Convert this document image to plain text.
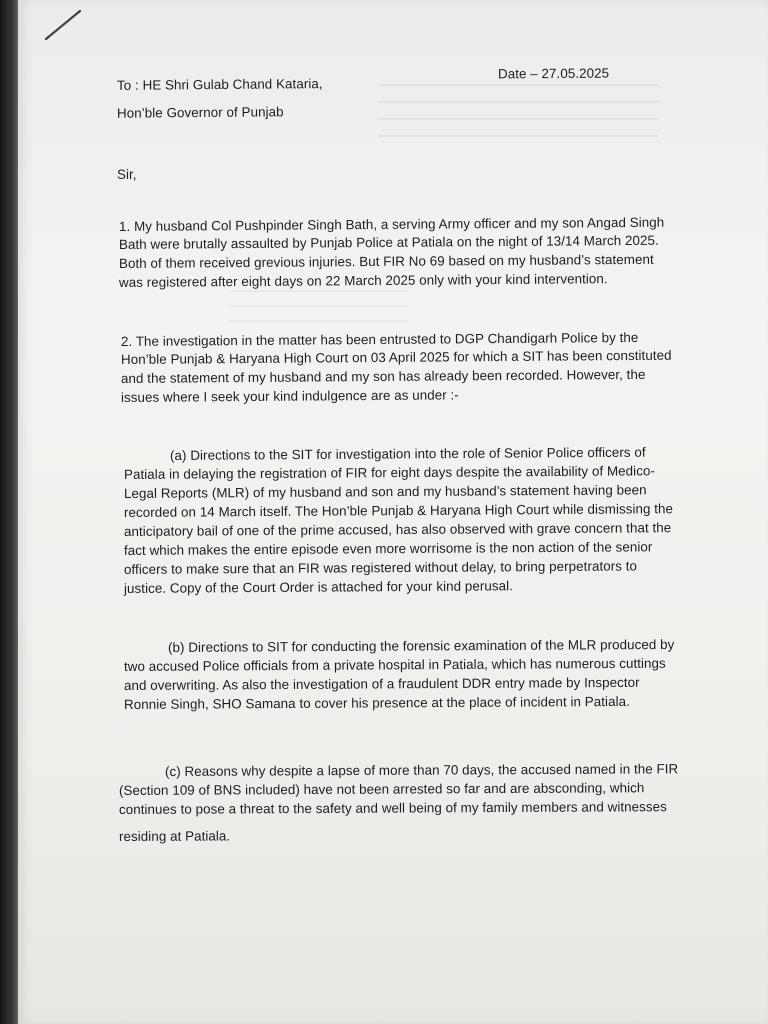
Date – 27.05.2025
To : HE Shri Gulab Chand Kataria,
Hon’ble Governor of Punjab
Sir,
1. My husband Col Pushpinder Singh Bath, a serving Army officer and my son Angad Singh
Bath were brutally assaulted by Punjab Police at Patiala on the night of 13/14 March 2025.
Both of them received grevious injuries. But FIR No 69 based on my husband’s statement
was registered after eight days on 22 March 2025 only with your kind intervention.
2. The investigation in the matter has been entrusted to DGP Chandigarh Police by the
Hon’ble Punjab & Haryana High Court on 03 April 2025 for which a SIT has been constituted
and the statement of my husband and my son has already been recorded. However, the
issues where I seek your kind indulgence are as under :-
(a) Directions to the SIT for investigation into the role of Senior Police officers of
Patiala in delaying the registration of FIR for eight days despite the availability of Medico-
Legal Reports (MLR) of my husband and son and my husband’s statement having been
recorded on 14 March itself. The Hon’ble Punjab & Haryana High Court while dismissing the
anticipatory bail of one of the prime accused, has also observed with grave concern that the
fact which makes the entire episode even more worrisome is the non action of the senior
officers to make sure that an FIR was registered without delay, to bring perpetrators to
justice. Copy of the Court Order is attached for your kind perusal.
(b) Directions to SIT for conducting the forensic examination of the MLR produced by
two accused Police officials from a private hospital in Patiala, which has numerous cuttings
and overwriting. As also the investigation of a fraudulent DDR entry made by Inspector
Ronnie Singh, SHO Samana to cover his presence at the place of incident in Patiala.
(c) Reasons why despite a lapse of more than 70 days, the accused named in the FIR
(Section 109 of BNS included) have not been arrested so far and are absconding, which
continues to pose a threat to the safety and well being of my family members and witnesses
residing at Patiala.
